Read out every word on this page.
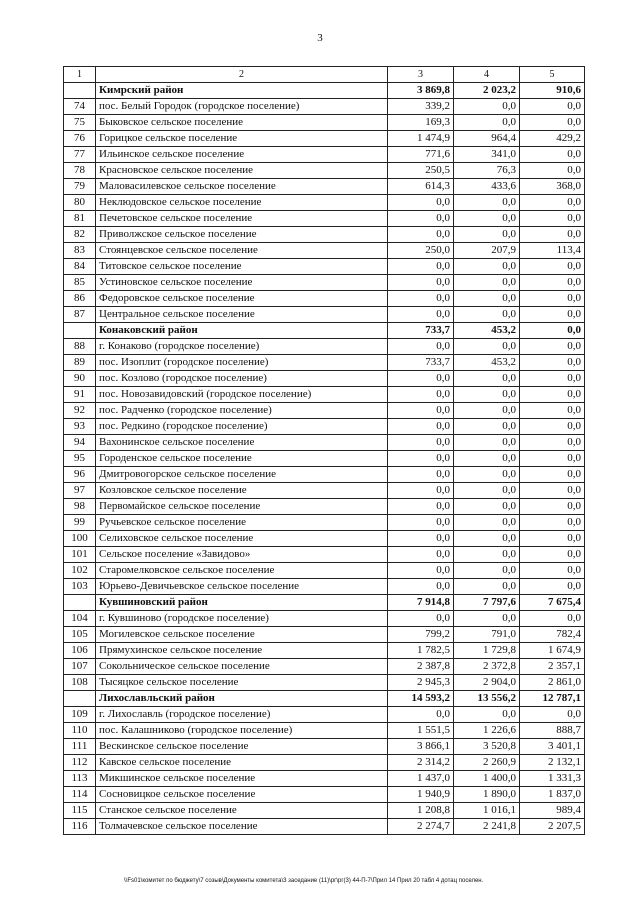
3
1	2	3	4	5
	Кимрский район	3 869,8	2 023,2	910,6
74	пос. Белый Городок (городское поселение)	339,2	0,0	0,0
75	Быковское сельское поселение	169,3	0,0	0,0
76	Горицкое сельское поселение	1 474,9	964,4	429,2
77	Ильинское сельское поселение	771,6	341,0	0,0
78	Красновское сельское поселение	250,5	76,3	0,0
79	Маловасилевское сельское поселение	614,3	433,6	368,0
80	Неклюдовское сельское поселение	0,0	0,0	0,0
81	Печетовское сельское поселение	0,0	0,0	0,0
82	Приволжское сельское поселение	0,0	0,0	0,0
83	Стоянцевское сельское поселение	250,0	207,9	113,4
84	Титовское сельское поселение	0,0	0,0	0,0
85	Устиновское сельское поселение	0,0	0,0	0,0
86	Федоровское сельское поселение	0,0	0,0	0,0
87	Центральное сельское поселение	0,0	0,0	0,0
	Конаковский район	733,7	453,2	0,0
88	г. Конаково (городское поселение)	0,0	0,0	0,0
89	пос. Изоплит (городское поселение)	733,7	453,2	0,0
90	пос. Козлово (городское поселение)	0,0	0,0	0,0
91	пос. Новозавидовский (городское поселение)	0,0	0,0	0,0
92	пос. Радченко (городское поселение)	0,0	0,0	0,0
93	пос. Редкино (городское поселение)	0,0	0,0	0,0
94	Вахонинское сельское поселение	0,0	0,0	0,0
95	Городенское сельское поселение	0,0	0,0	0,0
96	Дмитровогорское сельское поселение	0,0	0,0	0,0
97	Козловское сельское поселение	0,0	0,0	0,0
98	Первомайское сельское поселение	0,0	0,0	0,0
99	Ручьевское сельское поселение	0,0	0,0	0,0
100	Селиховское сельское поселение	0,0	0,0	0,0
101	Сельское поселение «Завидово»	0,0	0,0	0,0
102	Старомелковское сельское поселение	0,0	0,0	0,0
103	Юрьево-Девичьевское сельское поселение	0,0	0,0	0,0
	Кувшиновский район	7 914,8	7 797,6	7 675,4
104	г. Кувшиново (городское поселение)	0,0	0,0	0,0
105	Могилевское сельское поселение	799,2	791,0	782,4
106	Прямухинское сельское поселение	1 782,5	1 729,8	1 674,9
107	Сокольническое сельское поселение	2 387,8	2 372,8	2 357,1
108	Тысяцкое сельское поселение	2 945,3	2 904,0	2 861,0
	Лихославльский район	14 593,2	13 556,2	12 787,1
109	г. Лихославль (городское поселение)	0,0	0,0	0,0
110	пос. Калашниково (городское поселение)	1 551,5	1 226,6	888,7
111	Вескинское сельское поселение	3 866,1	3 520,8	3 401,1
112	Кавское сельское поселение	2 314,2	2 260,9	2 132,1
113	Микшинское сельское поселение	1 437,0	1 400,0	1 331,3
114	Сосновицкое сельское поселение	1 940,9	1 890,0	1 837,0
115	Станское сельское поселение	1 208,8	1 016,1	989,4
116	Толмачевское сельское поселение	2 274,7	2 241,8	2 207,5
\\Fs01\комитет по бюджету\7 созыв\Документы комитета\3 заседание (11)\рг\рг(3) 44-П-7\Прил 14 Прил 20 табл 4 дотац поселен.
